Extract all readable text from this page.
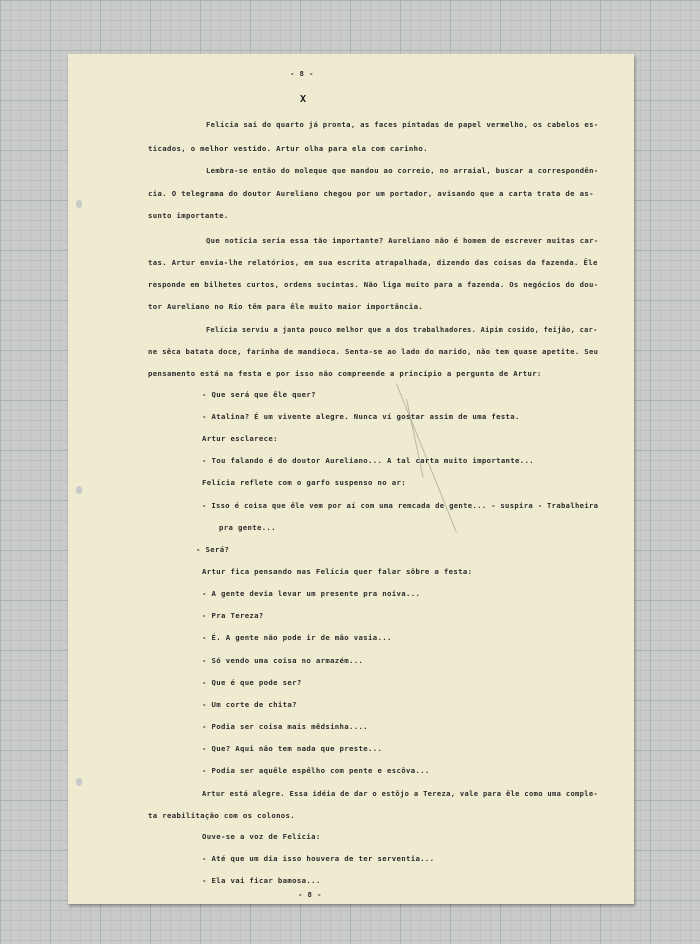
- 8 -
X
Felícia sai do quarto já pronta, as faces pintadas de papel vermelho, os cabelos es-
ticados, o melhor vestido. Artur olha para ela com carinho.
Lembra-se então do moleque que mandou ao correio, no arraial, buscar a correspondên-
cia. O telegrama do doutor Aureliano chegou por um portador, avisando que a carta trata de as-
sunto importante.
Que notícia seria essa tão importante? Aureliano não é homem de escrever muitas car-
tas. Artur envia-lhe relatórios, em sua escrita atrapalhada, dizendo das coisas da fazenda. Êle
responde em bilhetes curtos, ordens sucintas. Não liga muito para a fazenda. Os negócios do dou-
tor Aureliano no Rio têm para êle muito maior importância.
Felícia serviu a janta pouco melhor que a dos trabalhadores. Aipim cosido, feijão, car-
ne sêca batata doce, farinha de mandioca. Senta-se ao lado do marido, não tem quase apetite. Seu
pensamento está na festa e por isso não compreende a princípio a pergunta de Artur:
- Que será que êle quer?
- Atalina? É um vivente alegre. Nunca ví gostar assim de uma festa.
Artur esclarece:
- Tou falando é do doutor Aureliano... A tal carta muito importante...
Felícia reflete com o garfo suspenso no ar:
- Isso é coisa que êle vem por aí com uma remcada de gente... - suspira - Trabalheira
pra gente...
- Será?
Artur fica pensando mas Felícia quer falar sôbre a festa:
- A gente devia levar um presente pra noiva...
- Pra Tereza?
- É. A gente não pode ir de mão vasia...
- Só vendo uma coisa no armazém...
- Que é que pode ser?
- Um corte de chita?
- Podia ser coisa mais mêdsinha....
- Que? Aqui não tem nada que preste...
- Podia ser aquêle espêlho com pente e escôva...
Artur está alegre. Essa idéia de dar o estôjo a Tereza, vale para êle como uma comple-
ta reabilitação com os colonos.
Ouve-se a voz de Felícia:
- Até que um dia isso houvera de ter serventia...
- Ela vai ficar bamosa...
- 8 -
